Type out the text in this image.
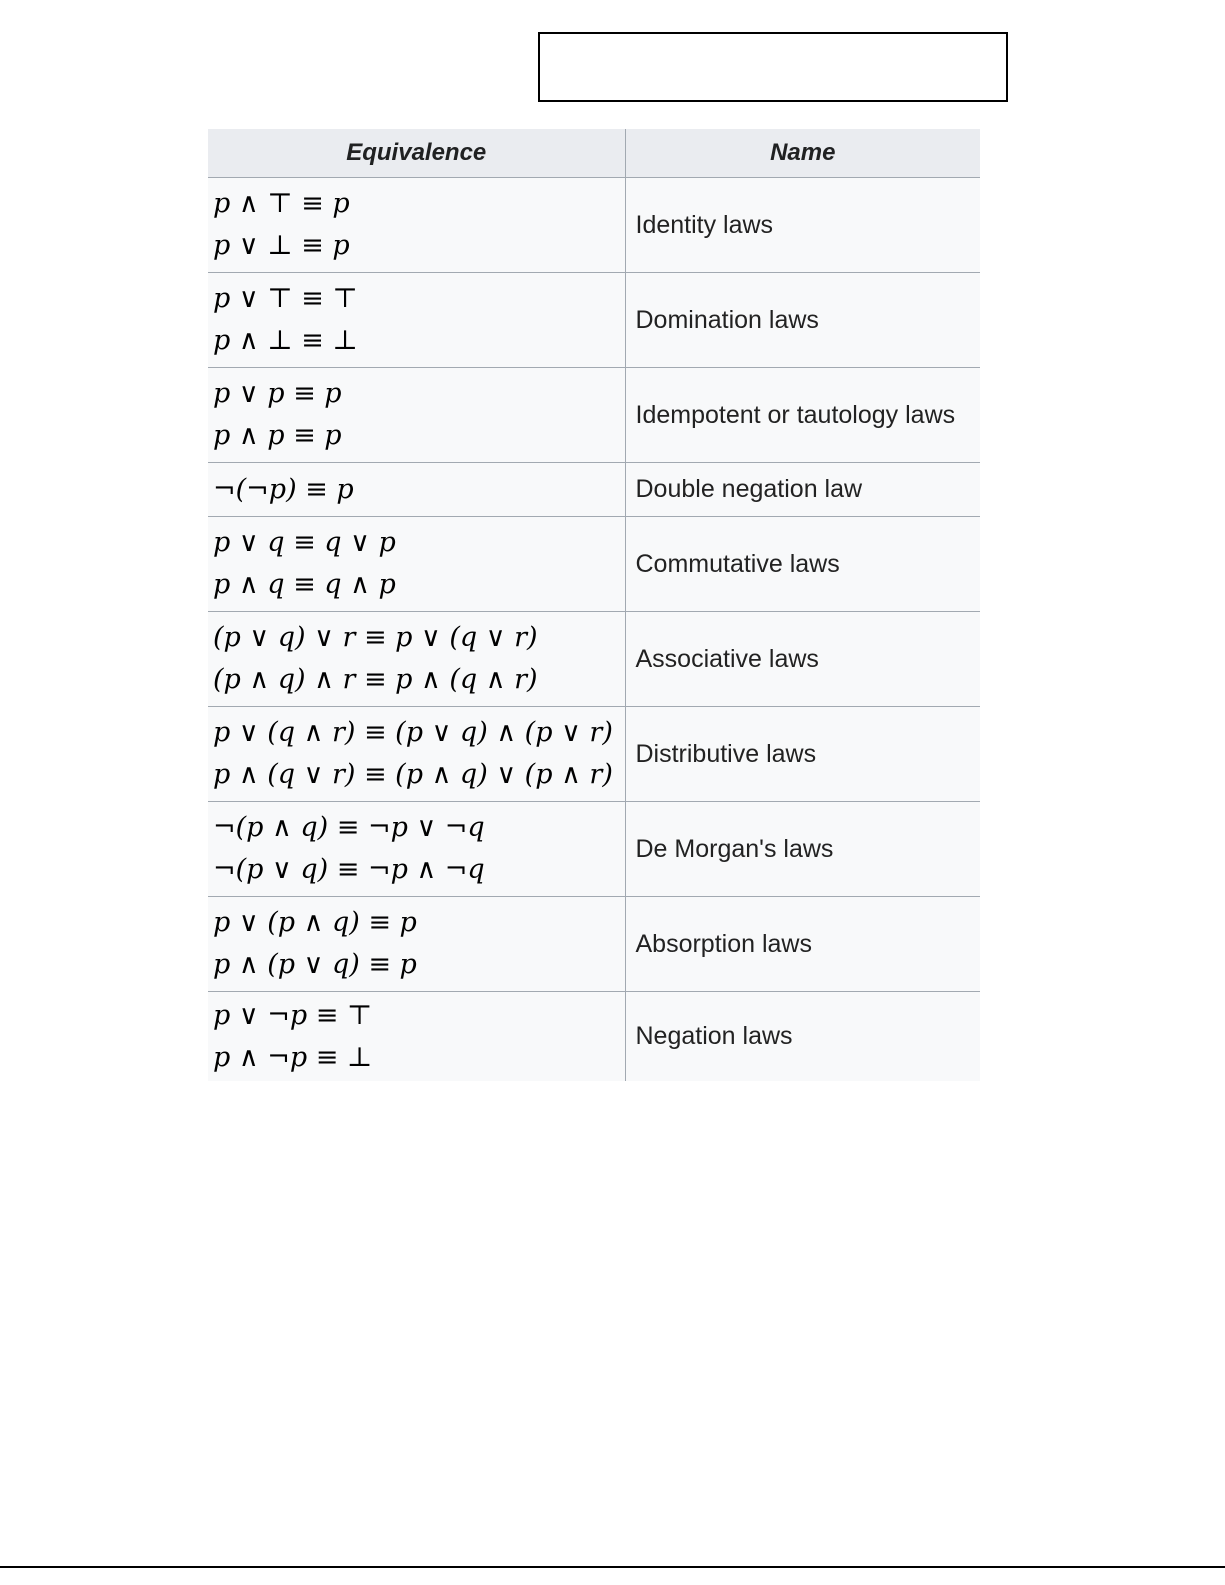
Equivalence	Name

p ∧ ⊤ ≡ p
p ∨ ⊥ ≡ p	Identity laws

p ∨ ⊤ ≡ ⊤
p ∧ ⊥ ≡ ⊥	Domination laws

p ∨ p ≡ p
p ∧ p ≡ p	Idempotent or tautology laws

¬(¬p) ≡ p	Double negation law

p ∨ q ≡ q ∨ p
p ∧ q ≡ q ∧ p	Commutative laws

(p ∨ q) ∨ r ≡ p ∨ (q ∨ r)
(p ∧ q) ∧ r ≡ p ∧ (q ∧ r)	Associative laws

p ∨ (q ∧ r) ≡ (p ∨ q) ∧ (p ∨ r)
p ∧ (q ∨ r) ≡ (p ∧ q) ∨ (p ∧ r)	Distributive laws

¬(p ∧ q) ≡ ¬p ∨ ¬q
¬(p ∨ q) ≡ ¬p ∧ ¬q	De Morgan's laws

p ∨ (p ∧ q) ≡ p
p ∧ (p ∨ q) ≡ p	Absorption laws

p ∨ ¬p ≡ ⊤
p ∧ ¬p ≡ ⊥	Negation laws
